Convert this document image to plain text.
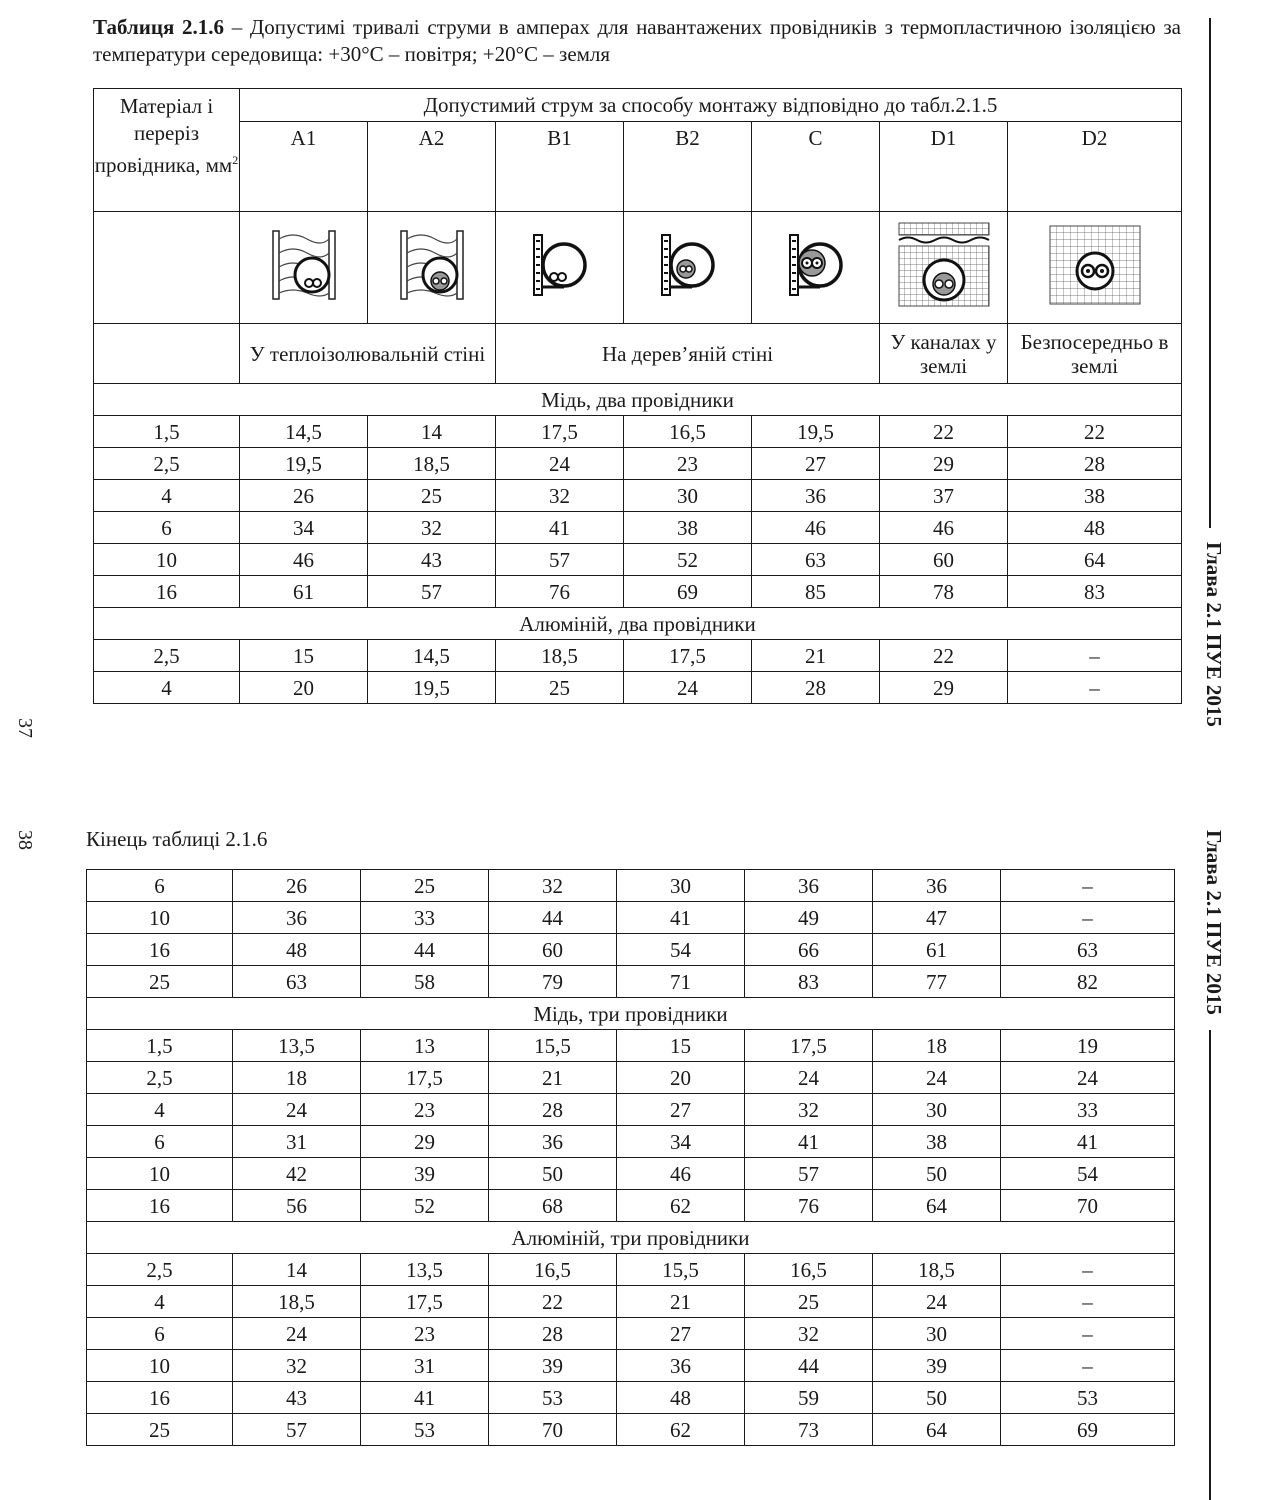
Таблиця 2.1.6 – Допустимі тривалі струми в амперах для навантажених провідників з термопластичною ізоляцією за температури середовища: +30°С – повітря; +20°С – земля
Матеріал і переріз провідника, $мм^2$	Допустимий струм за способу монтажу відповідно до табл.2.1.5						
	A1	A2	B1	B2	C	D1	D2

	У теплоізолювальній стіні		На дерев’яній стіні			У каналах у землі	Безпосередньо в землі
Мідь, два провідники							
1,5	14,5	14	17,5	16,5	19,5	22	22
2,5	19,5	18,5	24	23	27	29	28
4	26	25	32	30	36	37	38
6	34	32	41	38	46	46	48
10	46	43	57	52	63	60	64
16	61	57	76	69	85	78	83
Алюміній, два провідники							
2,5	15	14,5	18,5	17,5	21	22	–
4	20	19,5	25	24	28	29	–	Глава 2.1 ПУЕ 2015
37
Кінець таблиці 2.1.6
38
6	26	25	32	30	36	36	–
10	36	33	44	41	49	47	–
16	48	44	60	54	66	61	63
25	63	58	79	71	83	77	82
Мідь, три провідники							
1,5	13,5	13	15,5	15	17,5	18	19
2,5	18	17,5	21	20	24	24	24
4	24	23	28	27	32	30	33
6	31	29	36	34	41	38	41
10	42	39	50	46	57	50	54
16	56	52	68	62	76	64	70
Алюміній, три провідники							
2,5	14	13,5	16,5	15,5	16,5	18,5	–
4	18,5	17,5	22	21	25	24	–
6	24	23	28	27	32	30	–
10	32	31	39	36	44	39	–
16	43	41	53	48	59	50	53
25	57	53	70	62	73	64	69
Глава 2.1 ПУЕ 2015
